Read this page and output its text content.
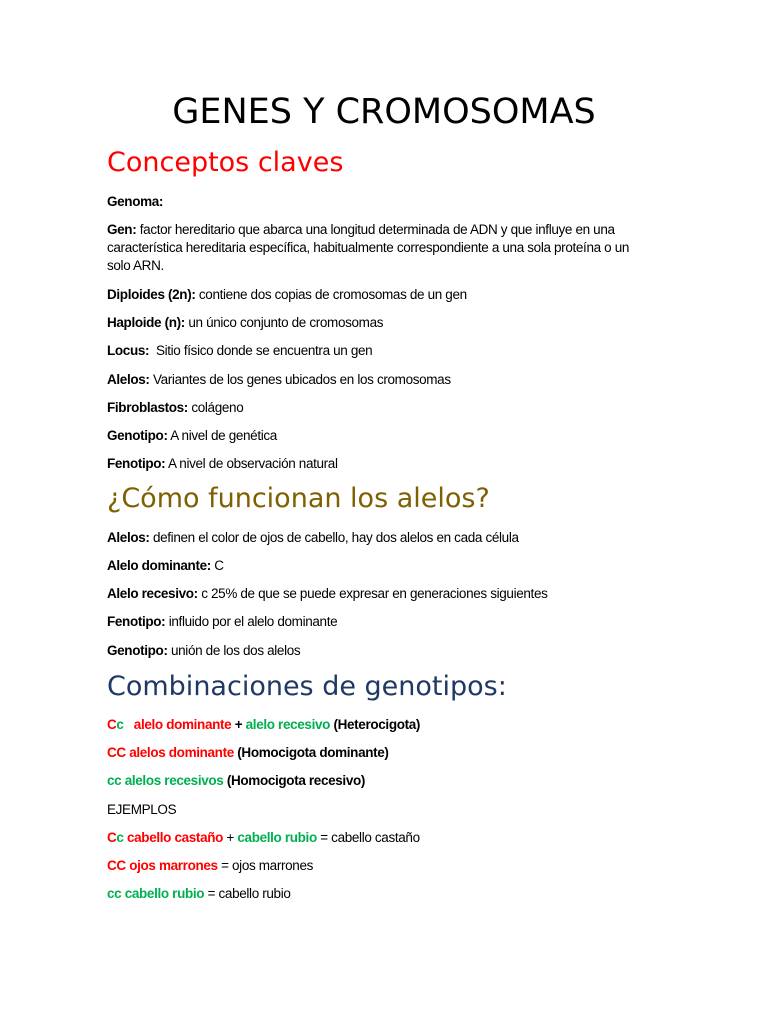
GENES Y CROMOSOMAS
Conceptos claves

Genoma:

Gen: factor hereditario que abarca una longitud determinada de ADN y que influye en una característica hereditaria específica, habitualmente correspondiente a una sola proteína o un solo ARN.

Diploides (2n): contiene dos copias de cromosomas de un gen

Haploide (n): un único conjunto de cromosomas

Locus:  Sitio físico donde se encuentra un gen

Alelos: Variantes de los genes ubicados en los cromosomas

Fibroblastos: colágeno

Genotipo: A nivel de genética

Fenotipo: A nivel de observación natural

¿Cómo funcionan los alelos?

Alelos: definen el color de ojos de cabello, hay dos alelos en cada célula

Alelo dominante: C

Alelo recesivo: c 25% de que se puede expresar en generaciones siguientes

Fenotipo: influido por el alelo dominante

Genotipo: unión de los dos alelos

Combinaciones de genotipos:

Cc   alelo dominante + alelo recesivo (Heterocigota)

CC alelos dominante (Homocigota dominante)

cc alelos recesivos (Homocigota recesivo)

EJEMPLOS

Cc cabello castaño + cabello rubio = cabello castaño

CC ojos marrones = ojos marrones

cc cabello rubio = cabello rubio
